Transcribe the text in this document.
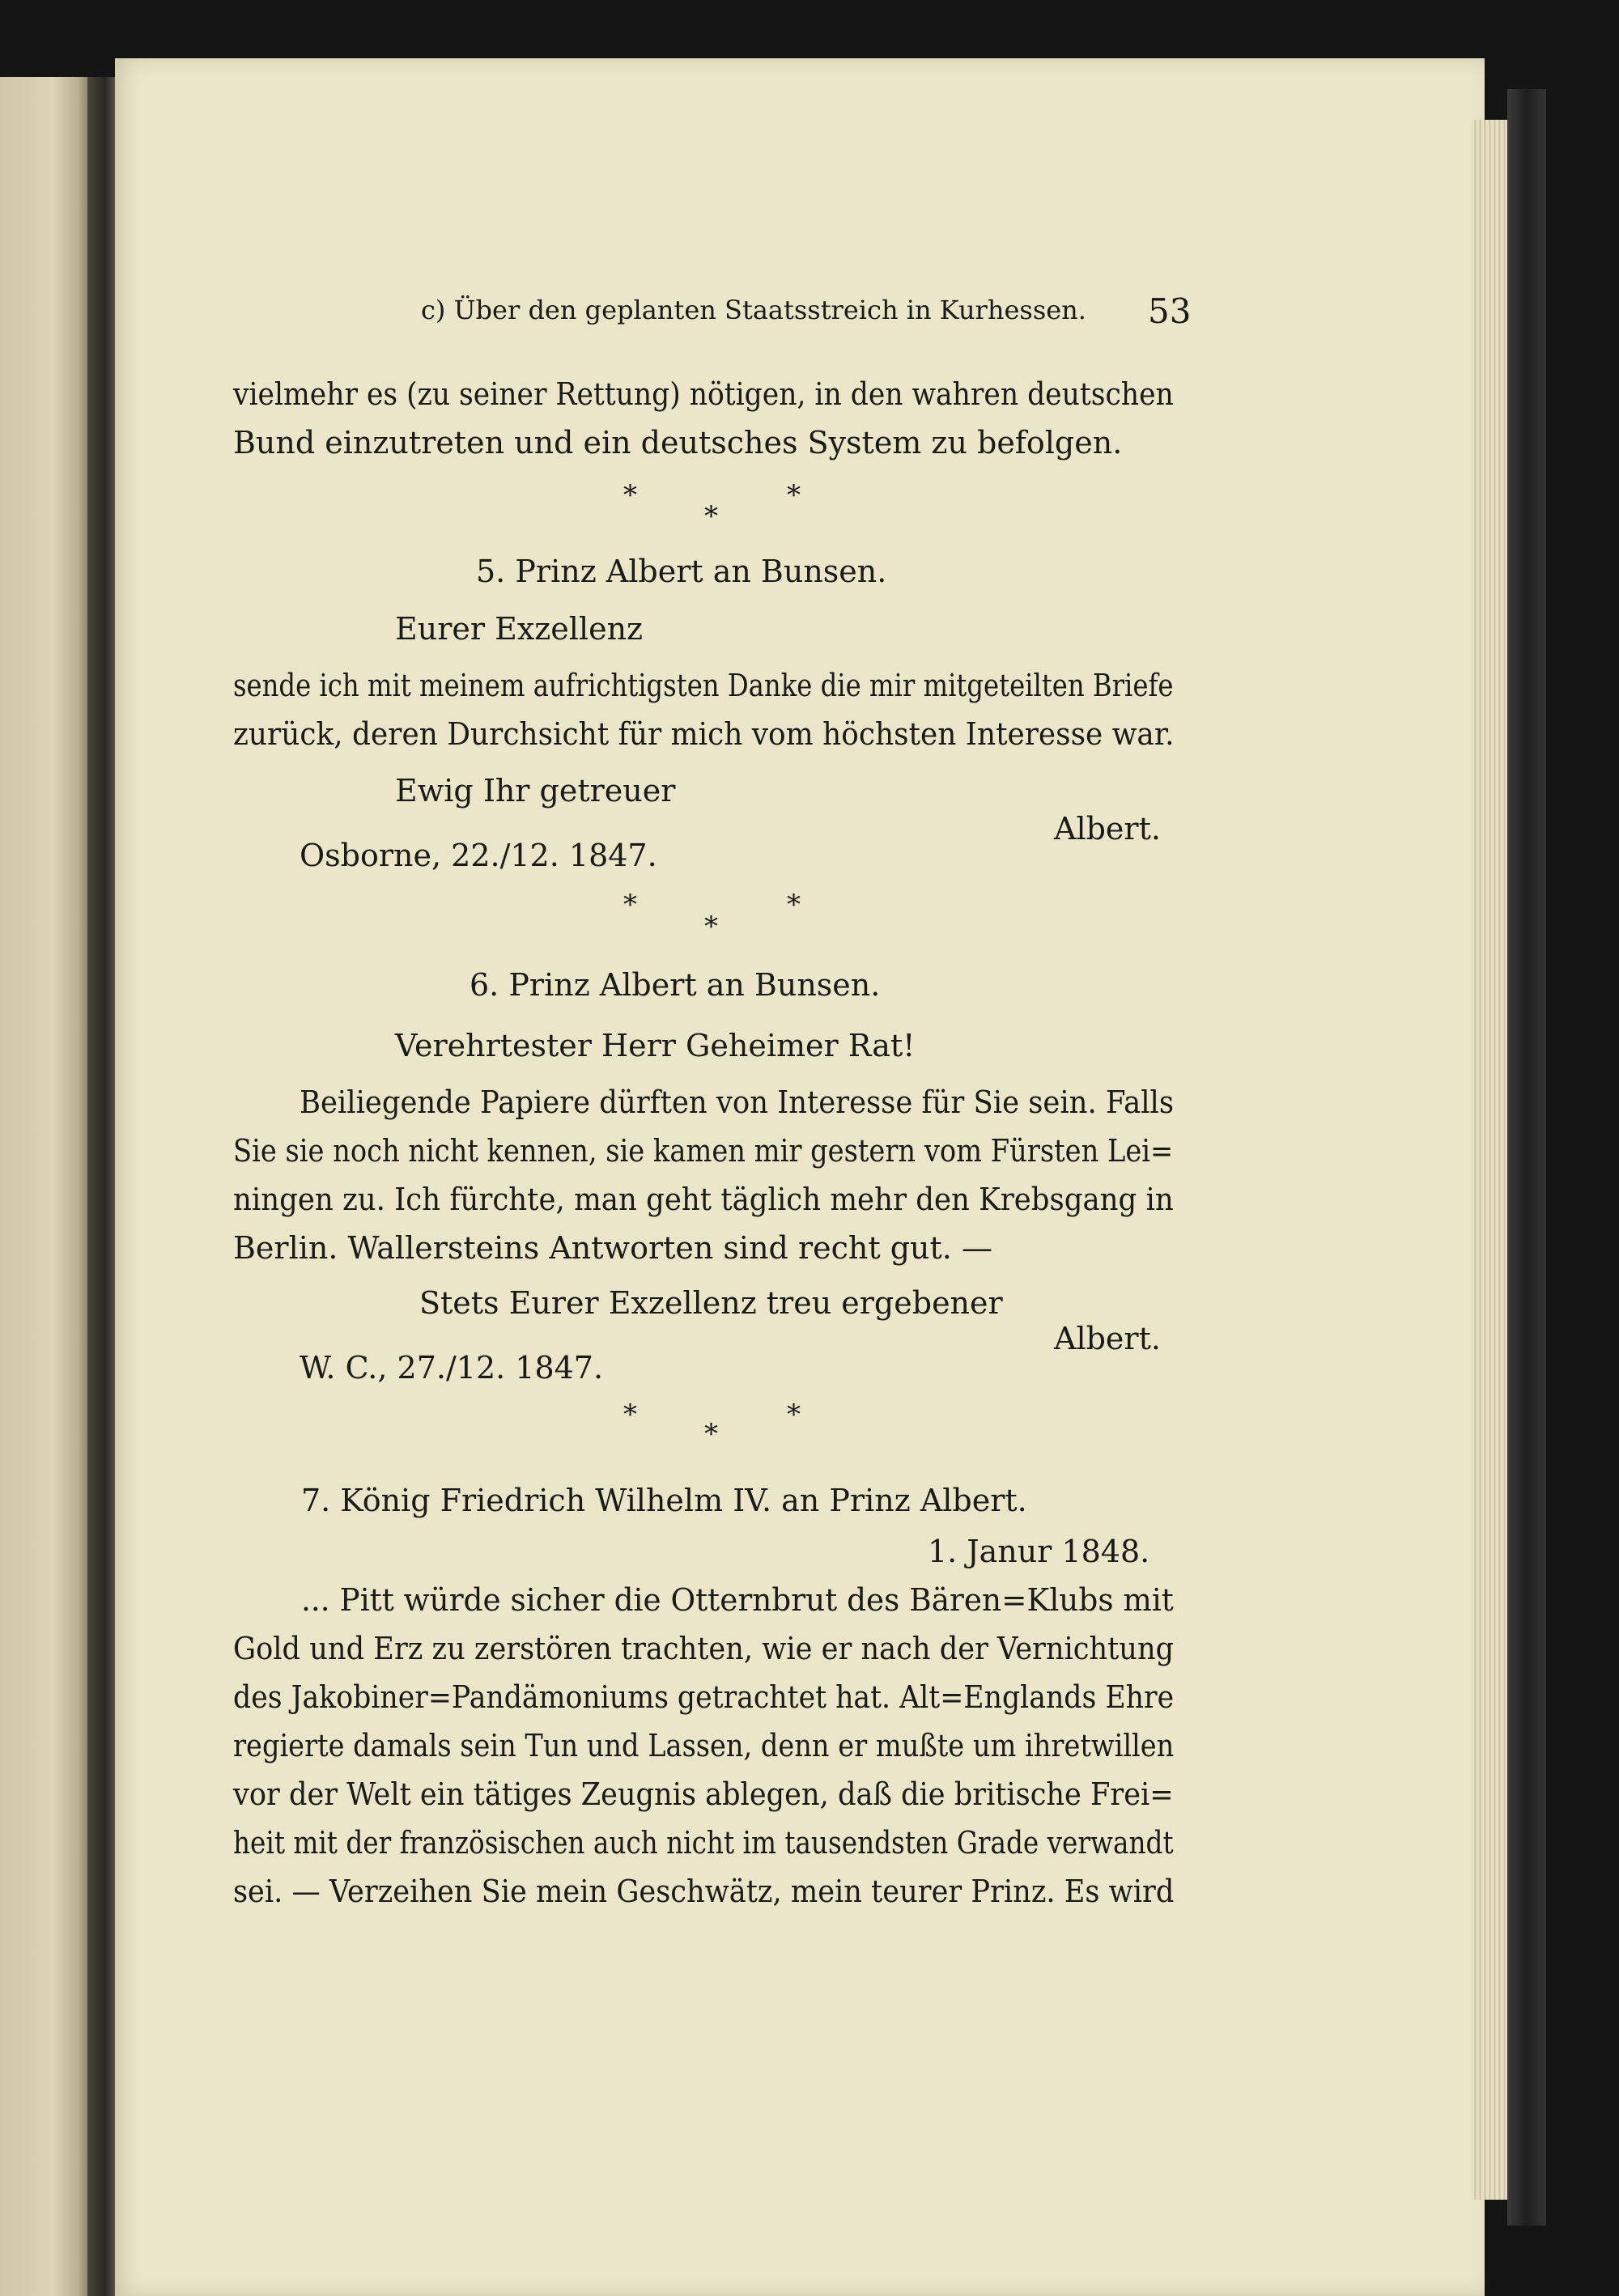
c) Über den geplanten Staatsstreich in Kurhessen. 53

vielmehr es (zu seiner Rettung) nötigen, in den wahren deutschen

Bund einzutreten und ein deutsches System zu befolgen.

*
*
*

5. Prinz Albert an Bunsen.

Eurer Exzellenz

sende ich mit meinem aufrichtigsten Danke die mir mitgeteilten Briefe

zurück, deren Durchsicht für mich vom höchsten Interesse war.

Ewig Ihr getreuer

Albert.

Osborne, 22./12. 1847.

*
*
*

6. Prinz Albert an Bunsen.

Verehrtester Herr Geheimer Rat!

Beiliegende Papiere dürften von Interesse für Sie sein. Falls

Sie sie noch nicht kennen, sie kamen mir gestern vom Fürsten Lei=

ningen zu. Ich fürchte, man geht täglich mehr den Krebsgang in

Berlin. Wallersteins Antworten sind recht gut. —

Stets Eurer Exzellenz treu ergebener

Albert.

W. C., 27./12. 1847.

*
*
*

7. König Friedrich Wilhelm IV. an Prinz Albert.

1. Janur 1848.

... Pitt würde sicher die Otternbrut des Bären=Klubs mit

Gold und Erz zu zerstören trachten, wie er nach der Vernichtung

des Jakobiner=Pandämoniums getrachtet hat. Alt=Englands Ehre

regierte damals sein Tun und Lassen, denn er mußte um ihretwillen

vor der Welt ein tätiges Zeugnis ablegen, daß die britische Frei=

heit mit der französischen auch nicht im tausendsten Grade verwandt

sei. — Verzeihen Sie mein Geschwätz, mein teurer Prinz. Es wird
